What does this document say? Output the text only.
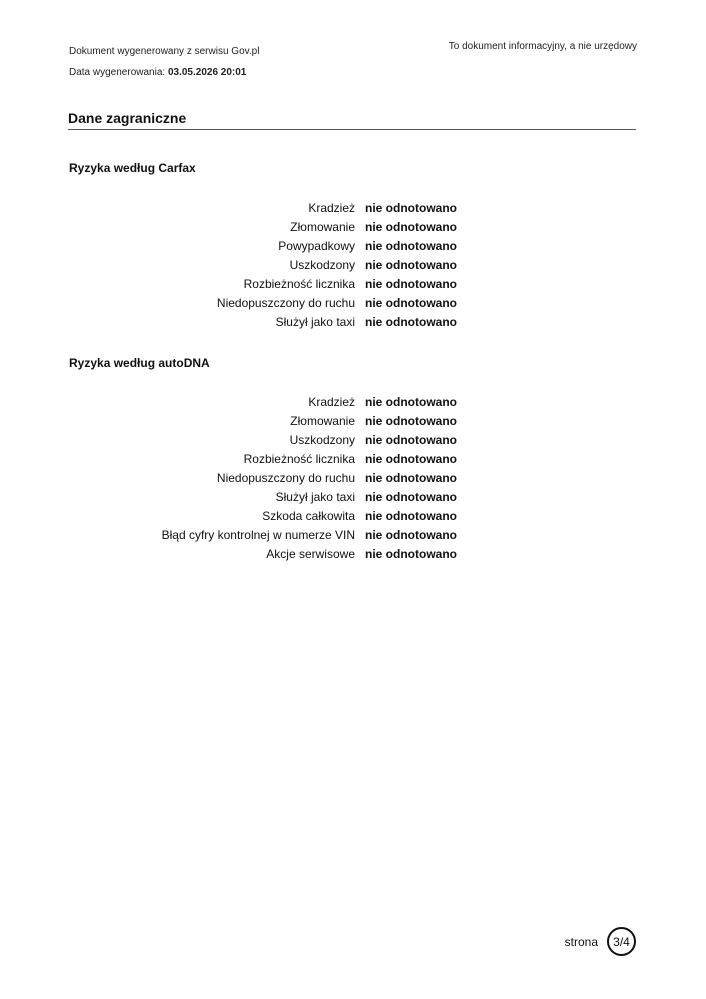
Dokument wygenerowany z serwisu Gov.pl
Data wygenerowania: 03.05.2026 20:01
To dokument informacyjny, a nie urzędowy
Dane zagraniczne
Ryzyka według Carfax
Kradzież nie odnotowano
Złomowanie nie odnotowano
Powypadkowy nie odnotowano
Uszkodzony nie odnotowano
Rozbieżność licznika nie odnotowano
Niedopuszczony do ruchu nie odnotowano
Służył jako taxi nie odnotowano
Ryzyka według autoDNA
Kradzież nie odnotowano
Złomowanie nie odnotowano
Uszkodzony nie odnotowano
Rozbieżność licznika nie odnotowano
Niedopuszczony do ruchu nie odnotowano
Służył jako taxi nie odnotowano
Szkoda całkowita nie odnotowano
Błąd cyfry kontrolnej w numerze VIN nie odnotowano
Akcje serwisowe nie odnotowano
strona	3/4
